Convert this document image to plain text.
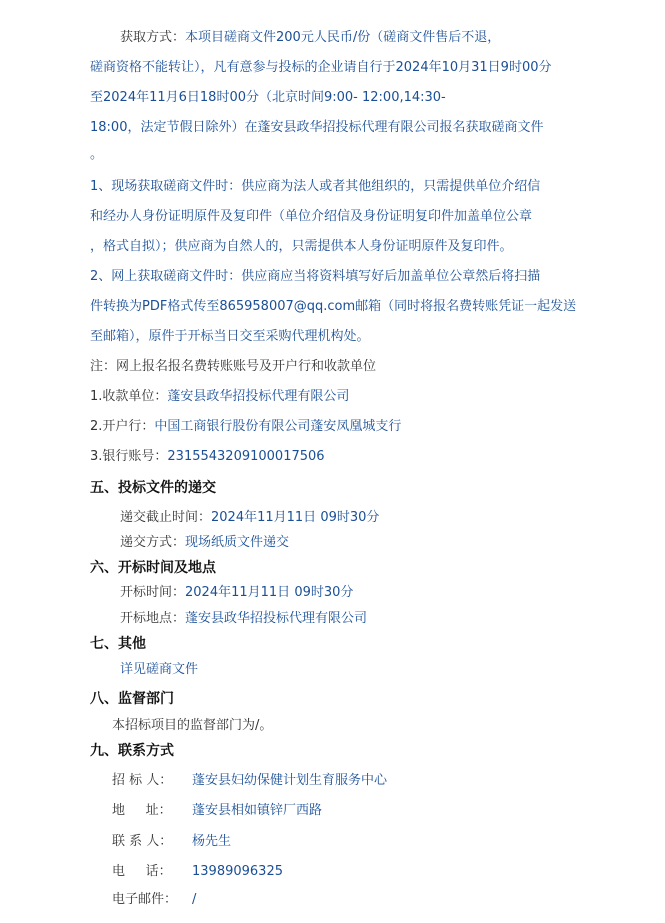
获取方式：本项目磋商文件200元人民币/份（磋商文件售后不退，
磋商资格不能转让），凡有意参与投标的企业请自行于2024年10月31日9时00分
至2024年11月6日18时00分（北京时间9:00- 12:00,14:30-
18:00，法定节假日除外）在蓬安县政华招投标代理有限公司报名获取磋商文件
。
1、现场获取磋商文件时：供应商为法人或者其他组织的，只需提供单位介绍信
和经办人身份证明原件及复印件（单位介绍信及身份证明复印件加盖单位公章
，格式自拟）；供应商为自然人的，只需提供本人身份证明原件及复印件。
2、网上获取磋商文件时：供应商应当将资料填写好后加盖单位公章然后将扫描
件转换为PDF格式传至865958007@qq.com邮箱（同时将报名费转账凭证一起发送
至邮箱），原件于开标当日交至采购代理机构处。
注：网上报名报名费转账账号及开户行和收款单位
1.收款单位：蓬安县政华招投标代理有限公司
2.开户行：中国工商银行股份有限公司蓬安凤凰城支行
3.银行账号：2315543209100017506
五、投标文件的递交
递交截止时间：2024年11月11日 09时30分
递交方式：现场纸质文件递交
六、开标时间及地点
开标时间：2024年11月11日 09时30分
开标地点：蓬安县政华招投标代理有限公司
七、其他
详见磋商文件
八、监督部门
本招标项目的监督部门为/。
九、联系方式
招 标 人： 蓬安县妇幼保健计划生育服务中心
地     址： 蓬安县相如镇锌厂西路
联 系 人： 杨先生
电     话： 13989096325
电子邮件： /
